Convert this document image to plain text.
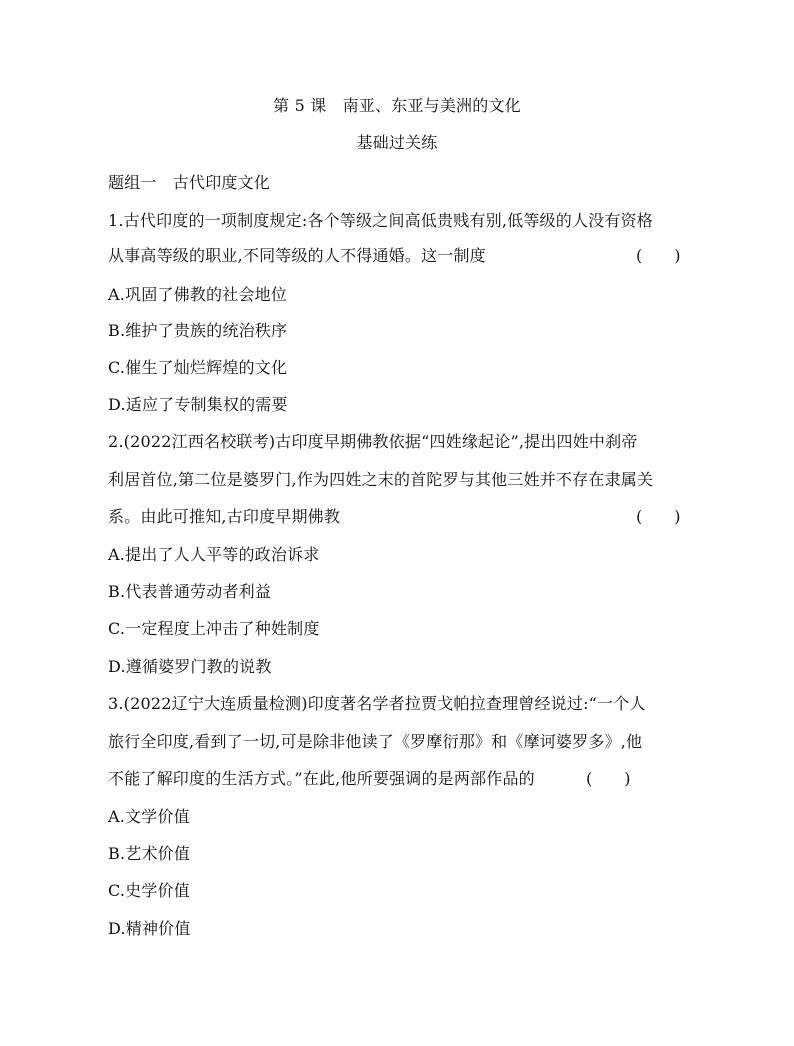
第 5 课　南亚、东亚与美洲的文化
基础过关练
题组一　古代印度文化
1.古代印度的一项制度规定:各个等级之间高低贵贱有别,低等级的人没有资格
从事高等级的职业,不同等级的人不得通婚。这一制度	(　　)
A.巩固了佛教的社会地位
B.维护了贵族的统治秩序
C.催生了灿烂辉煌的文化
D.适应了专制集权的需要
2.(2022江西名校联考)古印度早期佛教依据“四姓缘起论”,提出四姓中刹帝
利居首位,第二位是婆罗门,作为四姓之末的首陀罗与其他三姓并不存在隶属关
系。由此可推知,古印度早期佛教	(　　)
A.提出了人人平等的政治诉求
B.代表普通劳动者利益
C.一定程度上冲击了种姓制度
D.遵循婆罗门教的说教
3.(2022辽宁大连质量检测)印度著名学者拉贾戈帕拉查理曾经说过:“一个人
旅行全印度,看到了一切,可是除非他读了《罗摩衍那》和《摩诃婆罗多》,他
不能了解印度的生活方式。”在此,他所要强调的是两部作品的	(　　)
A.文学价值
B.艺术价值
C.史学价值
D.精神价值
